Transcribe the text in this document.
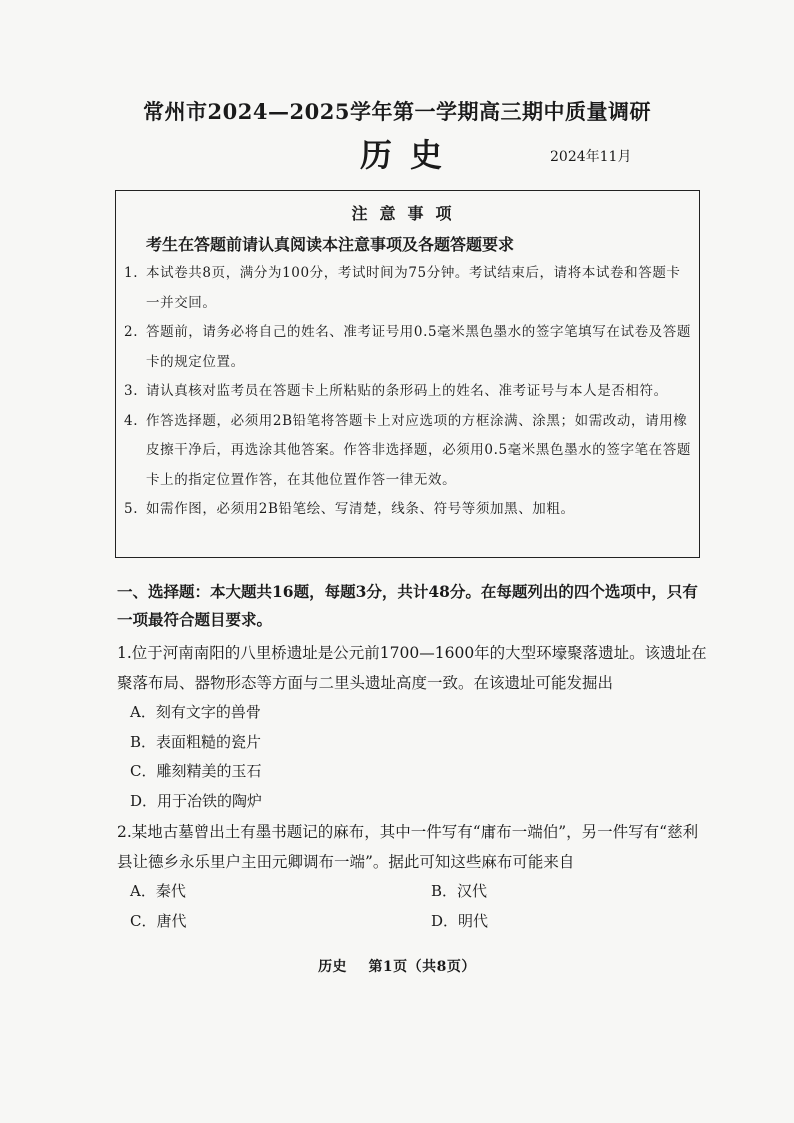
常州市2024—2025学年第一学期高三期中质量调研
历史	2024年11月
注意事项
考生在答题前请认真阅读本注意事项及各题答题要求
1. 本试卷共8页，满分为100分，考试时间为75分钟。考试结束后，请将本试卷和答题卡一并交回。
2. 答题前，请务必将自己的姓名、准考证号用0.5毫米黑色墨水的签字笔填写在试卷及答题卡的规定位置。
3. 请认真核对监考员在答题卡上所粘贴的条形码上的姓名、准考证号与本人是否相符。
4. 作答选择题，必须用2B铅笔将答题卡上对应选项的方框涂满、涂黑；如需改动，请用橡皮擦干净后，再选涂其他答案。作答非选择题，必须用0.5毫米黑色墨水的签字笔在答题卡上的指定位置作答，在其他位置作答一律无效。
5. 如需作图，必须用2B铅笔绘、写清楚，线条、符号等须加黑、加粗。
一、选择题：本大题共16题，每题3分，共计48分。在每题列出的四个选项中，只有一项最符合题目要求。
1.位于河南南阳的八里桥遗址是公元前1700—1600年的大型环壕聚落遗址。该遗址在聚落布局、器物形态等方面与二里头遗址高度一致。在该遗址可能发掘出
A．刻有文字的兽骨
B．表面粗糙的瓷片
C．雕刻精美的玉石
D．用于冶铁的陶炉
2.某地古墓曾出土有墨书题记的麻布，其中一件写有“庸布一端伯”，另一件写有“慈利县让德乡永乐里户主田元卿调布一端”。据此可知这些麻布可能来自
A．秦代	B．汉代
C．唐代	D．明代
历史 第1页（共8页）
